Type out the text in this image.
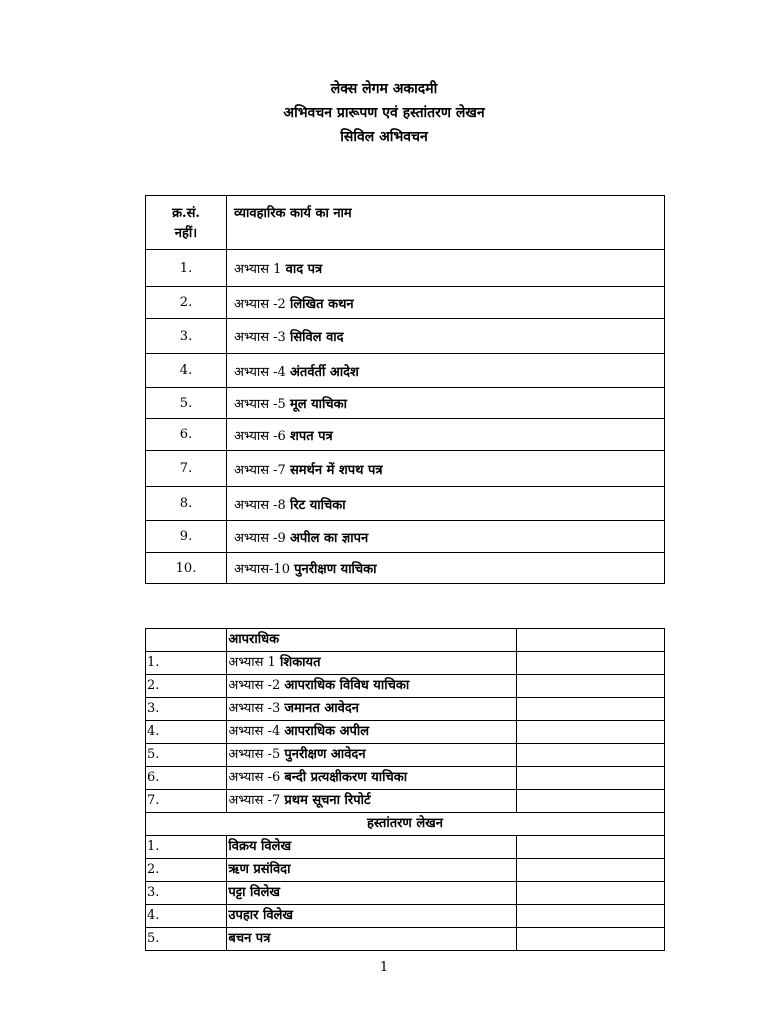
लेक्स लेगम अकादमी
अभिवचन प्रारूपण एवं हस्तांतरण लेखन
सिविल अभिवचन
क्र.सं. नहीं।	व्यावहारिक कार्य का नाम
1.	अभ्यास 1 वाद पत्र
2.	अभ्यास -2 लिखित कथन
3.	अभ्यास -3 सिविल वाद
4.	अभ्यास -4 अंतर्वर्ती आदेश
5.	अभ्यास -5 मूल याचिका
6.	अभ्यास -6 शपत पत्र
7.	अभ्यास -7 समर्थन में शपथ पत्र
8.	अभ्यास -8 रिट याचिका
9.	अभ्यास -9 अपील का ज्ञापन
10.	अभ्यास-10 पुनरीक्षण याचिका
	आपराधिक	
1.	अभ्यास 1 शिकायत	
2.	अभ्यास -2 आपराधिक विविध याचिका	
3.	अभ्यास -3 जमानत आवेदन	
4.	अभ्यास -4 आपराधिक अपील	
5.	अभ्यास -5 पुनरीक्षण आवेदन	
6.	अभ्यास -6 बन्दी प्रत्यक्षीकरण याचिका	
7.	अभ्यास -7 प्रथम सूचना रिपोर्ट	
हस्तांतरण लेखन		
1.	विक्रय विलेख	
2.	ऋण प्रसंविदा	
3.	पट्टा विलेख	
4.	उपहार विलेख	
5.	बचन पत्र	
1
